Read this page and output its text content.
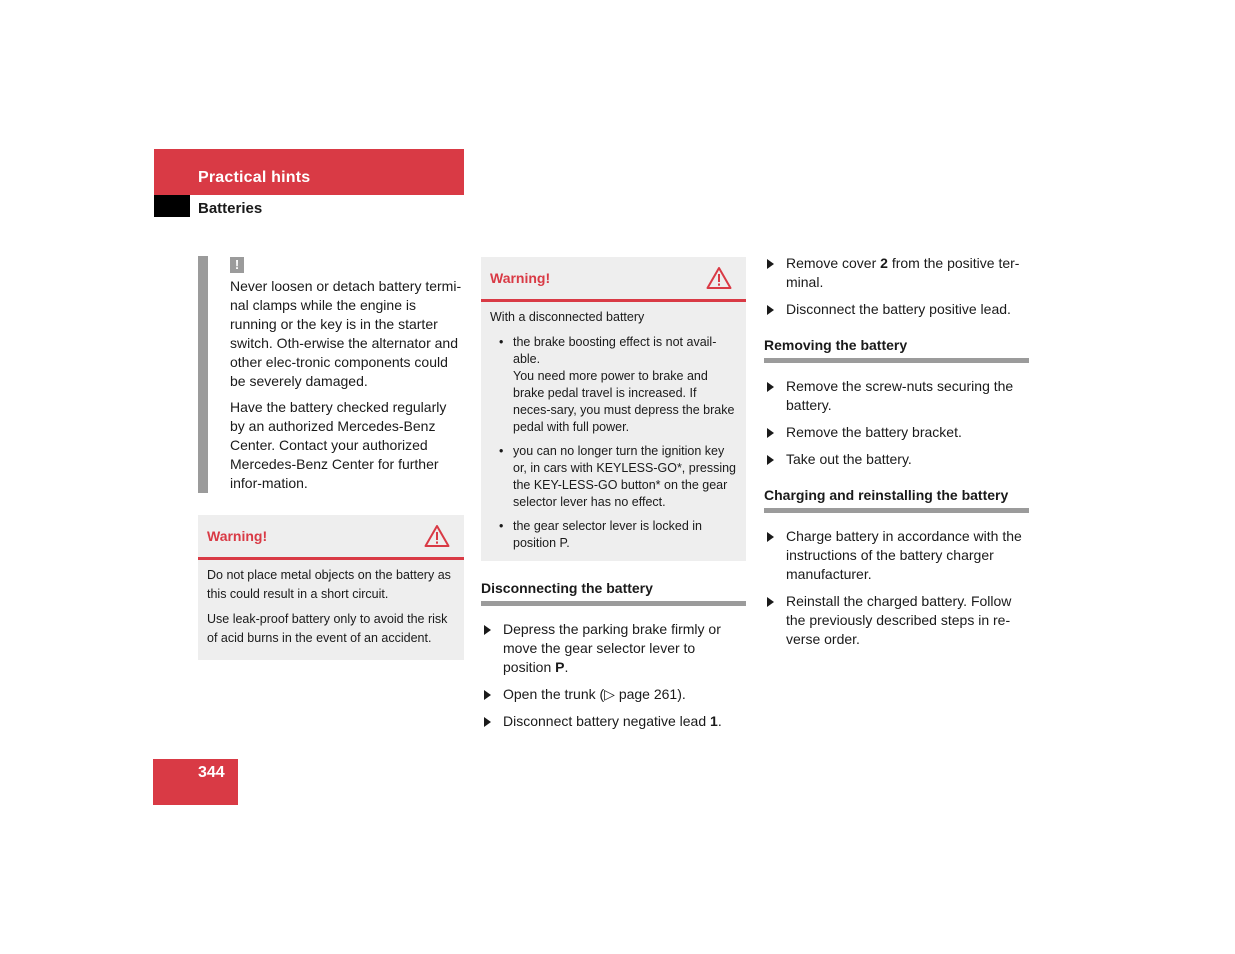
Practical hints
Batteries
!

Never loosen or detach battery termi-nal clamps while the engine is running or the key is in the starter switch. Oth-erwise the alternator and other elec-tronic components could be severely damaged.

Have the battery checked regularly by an authorized Mercedes-Benz Center. Contact your authorized Mercedes-Benz Center for further infor-mation.

Warning!

Do not place metal objects on the battery as this could result in a short circuit.

Use leak-proof battery only to avoid the risk of acid burns in the event of an accident.

Warning!

With a disconnected battery

• the brake boosting effect is not avail-able.
You need more power to brake and brake pedal travel is increased. If neces-sary, you must depress the brake pedal with full power.
• you can no longer turn the ignition key or, in cars with KEYLESS-GO*, pressing the KEY-LESS-GO button* on the gear selector lever has no effect.
• the gear selector lever is locked in position P.
Disconnecting the battery
Depress the parking brake firmly or move the gear selector lever to position P.
Open the trunk (▷ page 261).
Disconnect battery negative lead 1.
Remove cover 2 from the positive ter-minal.
Disconnect the battery positive lead.
Removing the battery
Remove the screw-nuts securing the battery.
Remove the battery bracket.
Take out the battery.
Charging and reinstalling the battery
Charge battery in accordance with the instructions of the battery charger manufacturer.
Reinstall the charged battery. Follow the previously described steps in re-verse order.
344
